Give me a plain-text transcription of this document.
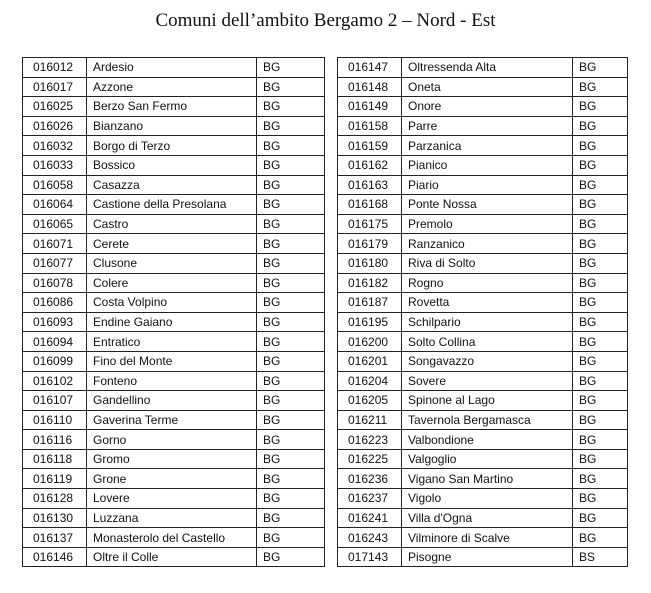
Comuni dell’ambito Bergamo 2 – Nord - Est
016012	Ardesio	BG
016017	Azzone	BG
016025	Berzo San Fermo	BG
016026	Bianzano	BG
016032	Borgo di Terzo	BG
016033	Bossico	BG
016058	Casazza	BG
016064	Castione della Presolana	BG
016065	Castro	BG
016071	Cerete	BG
016077	Clusone	BG
016078	Colere	BG
016086	Costa Volpino	BG
016093	Endine Gaiano	BG
016094	Entratico	BG
016099	Fino del Monte	BG
016102	Fonteno	BG
016107	Gandellino	BG
016110	Gaverina Terme	BG
016116	Gorno	BG
016118	Gromo	BG
016119	Grone	BG
016128	Lovere	BG
016130	Luzzana	BG
016137	Monasterolo del Castello	BG
016146	Oltre il Colle	BG
016147	Oltressenda Alta	BG
016148	Oneta	BG
016149	Onore	BG
016158	Parre	BG
016159	Parzanica	BG
016162	Pianico	BG
016163	Piario	BG
016168	Ponte Nossa	BG
016175	Premolo	BG
016179	Ranzanico	BG
016180	Riva di Solto	BG
016182	Rogno	BG
016187	Rovetta	BG
016195	Schilpario	BG
016200	Solto Collina	BG
016201	Songavazzo	BG
016204	Sovere	BG
016205	Spinone al Lago	BG
016211	Tavernola Bergamasca	BG
016223	Valbondione	BG
016225	Valgoglio	BG
016236	Vigano San Martino	BG
016237	Vigolo	BG
016241	Villa d'Ogna	BG
016243	Vilminore di Scalve	BG
017143	Pisogne	BS
